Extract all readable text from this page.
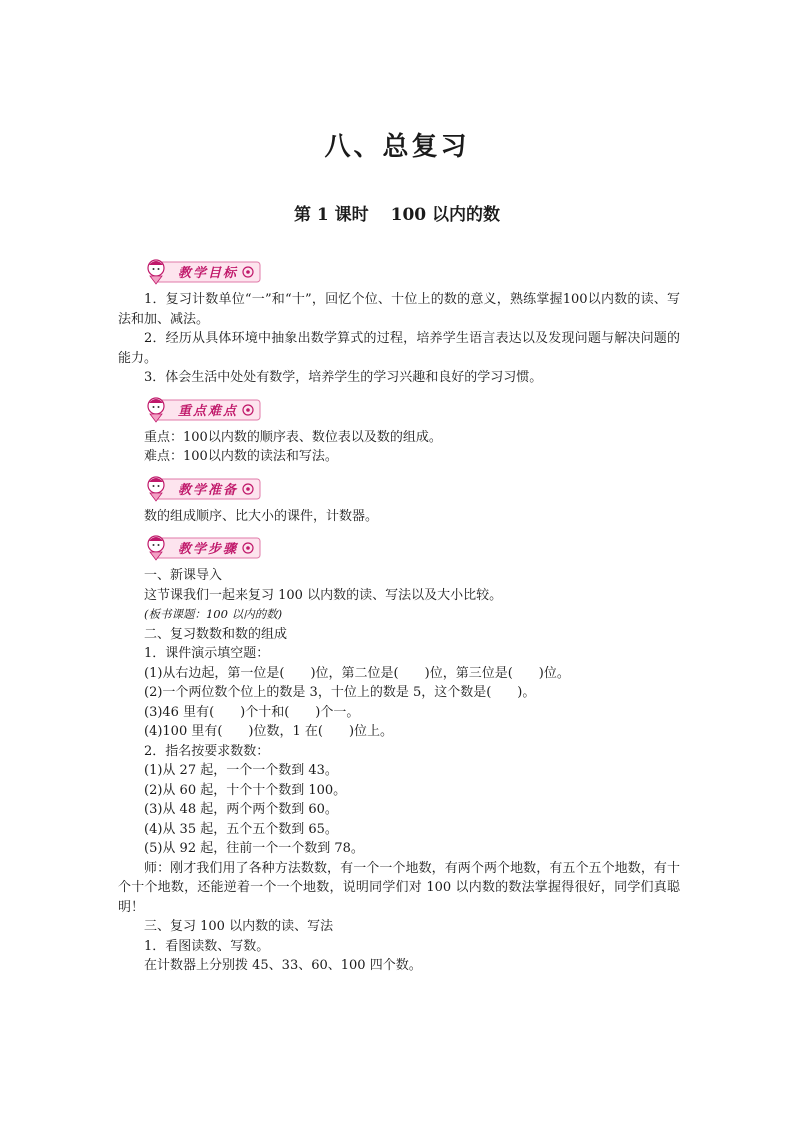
八、总复习
第 1 课时 100 以内的数
教学目标

1．复习计数单位“一”和“十”，回忆个位、十位上的数的意义，熟练掌握100以内数的读、写法和加、减法。

2．经历从具体环境中抽象出数学算式的过程，培养学生语言表达以及发现问题与解决问题的能力。

3．体会生活中处处有数学，培养学生的学习兴趣和良好的学习习惯。

重点难点

重点：100以内数的顺序表、数位表以及数的组成。

难点：100以内数的读法和写法。

教学准备

数的组成顺序、比大小的课件，计数器。

教学步骤

一、新课导入

这节课我们一起来复习 100 以内数的读、写法以及大小比较。

(板书课题：100 以内的数)

二、复习数数和数的组成

1．课件演示填空题：

(1)从右边起，第一位是(　　)位，第二位是(　　)位，第三位是(　　)位。

(2)一个两位数个位上的数是 3，十位上的数是 5，这个数是(　　)。

(3)46 里有(　　)个十和(　　)个一。

(4)100 里有(　　)位数，1 在(　　)位上。

2．指名按要求数数：

(1)从 27 起，一个一个数到 43。

(2)从 60 起，十个十个数到 100。

(3)从 48 起，两个两个数到 60。

(4)从 35 起，五个五个数到 65。

(5)从 92 起，往前一个一个数到 78。

师：刚才我们用了各种方法数数，有一个一个地数，有两个两个地数，有五个五个地数，有十个十个地数，还能逆着一个一个地数，说明同学们对 100 以内数的数法掌握得很好，同学们真聪明！

三、复习 100 以内数的读、写法

1．看图读数、写数。

在计数器上分别拨 45、33、60、100 四个数。
